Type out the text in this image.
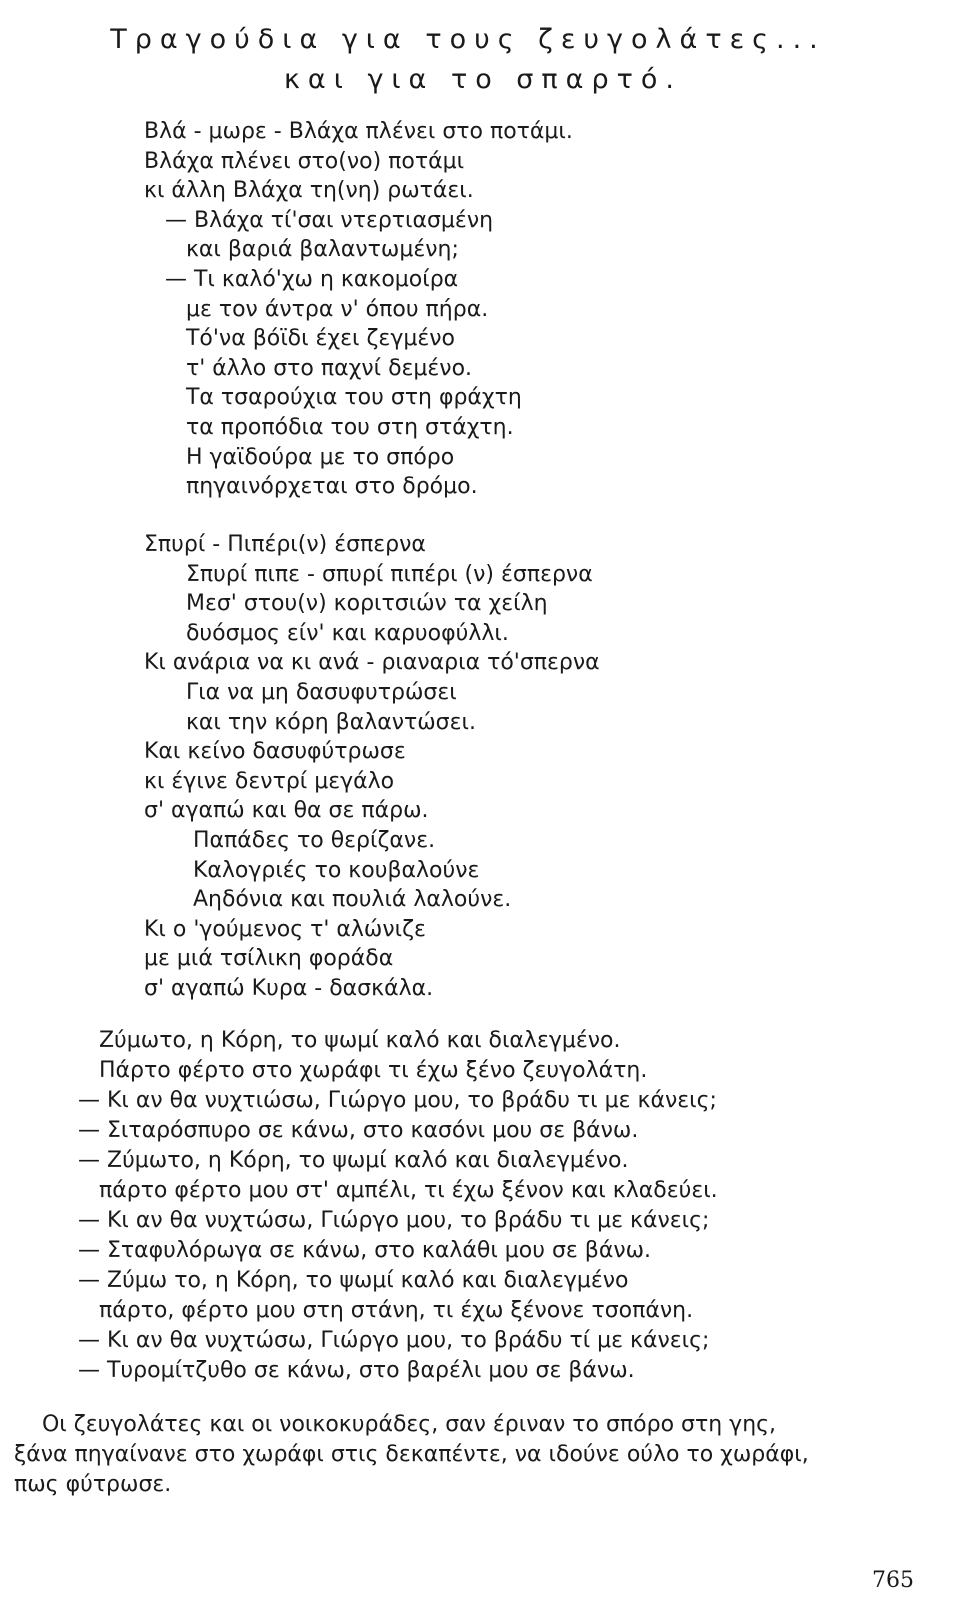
Τραγούδια για τους ζευγολάτες...
και για το σπαρτό.
Βλά - μωρε - Βλάχα πλένει στο ποτάμι.
Βλάχα πλένει στο(νο) ποτάμι
κι άλλη Βλάχα τη(νη) ρωτάει.
— Βλάχα τί'σαι ντερτιασμένη
και βαριά βαλαντωμένη;
— Τι καλό'χω η κακομοίρα
με τον άντρα ν' όπου πήρα.
Τό'να βόϊδι έχει ζεγμένο
τ' άλλο στο παχνί δεμένο.
Τα τσαρούχια του στη φράχτη
τα προπόδια του στη στάχτη.
Η γαϊδούρα με το σπόρο
πηγαινόρχεται στο δρόμο.
Σπυρί - Πιπέρι(ν) έσπερνα
Σπυρί πιπε - σπυρί πιπέρι (ν) έσπερνα
Μεσ' στου(ν) κοριτσιών τα χείλη
δυόσμος είν' και καρυοφύλλι.
Κι ανάρια να κι ανά - ριαναρια τό'σπερνα
Για να μη δασυφυτρώσει
και την κόρη βαλαντώσει.
Και κείνο δασυφύτρωσε
κι έγινε δεντρί μεγάλο
σ' αγαπώ και θα σε πάρω.
Παπάδες το θερίζανε.
Καλογριές το κουβαλούνε
Αηδόνια και πουλιά λαλούνε.
Κι ο 'γούμενος τ' αλώνιζε
με μιά τσίλικη φοράδα
σ' αγαπώ Κυρα - δασκάλα.
Ζύμωτο, η Κόρη, το ψωμί καλό και διαλεγμένο.
Πάρτο φέρτο στο χωράφι τι έχω ξένο ζευγολάτη.
— Κι αν θα νυχτιώσω, Γιώργο μου, το βράδυ τι με κάνεις;
— Σιταρόσπυρο σε κάνω, στο κασόνι μου σε βάνω.
— Ζύμωτο, η Κόρη, το ψωμί καλό και διαλεγμένο.
πάρτο φέρτο μου στ' αμπέλι, τι έχω ξένον και κλαδεύει.
— Κι αν θα νυχτώσω, Γιώργο μου, το βράδυ τι με κάνεις;
— Σταφυλόρωγα σε κάνω, στο καλάθι μου σε βάνω.
— Ζύμω το, η Κόρη, το ψωμί καλό και διαλεγμένο
πάρτο, φέρτο μου στη στάνη, τι έχω ξένονε τσοπάνη.
— Κι αν θα νυχτώσω, Γιώργο μου, το βράδυ τί με κάνεις;
— Τυρομίτζυθο σε κάνω, στο βαρέλι μου σε βάνω.
Οι ζευγολάτες και οι νοικοκυράδες, σαν έριναν το σπόρο στη γης,
ξάνα πηγαίνανε στο χωράφι στις δεκαπέντε, να ιδούνε ούλο το χωράφι,
πως φύτρωσε.
765
